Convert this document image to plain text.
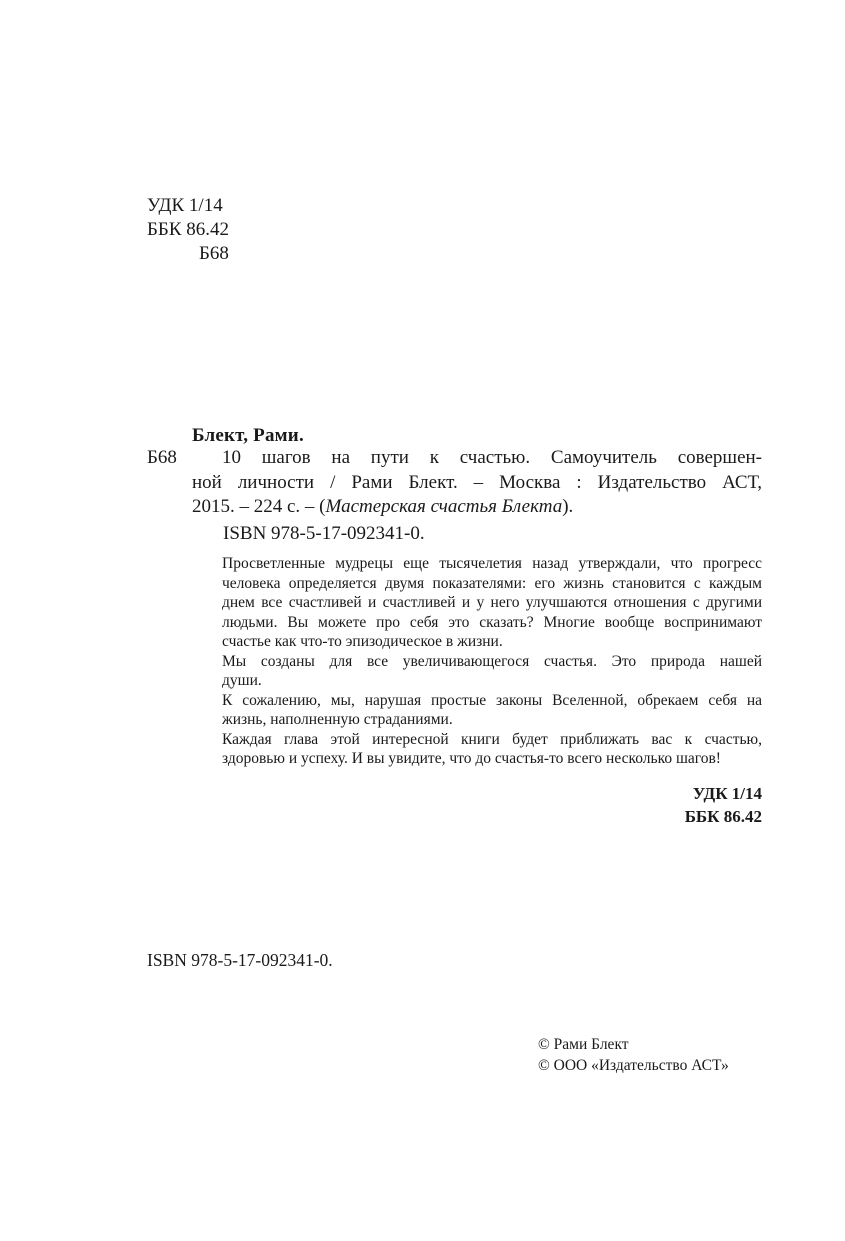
УДК 1/14
ББК 86.42
Б68
Блект, Рами.
Б68	10 шагов на пути к счастью. Самоучитель совершен-
ной личности / Рами Блект. – Москва : Издательство АСТ,
2015. – 224 с. – (Мастерская счастья Блекта).
ISBN 978-5-17-092341-0.

Просветленные мудрецы еще тысячелетия назад утверждали, что прогресс
человека определяется двумя показателями: его жизнь становится с каждым
днем все счастливей и счастливей и у него улучшаются отношения с другими
людьми. Вы можете про себя это сказать? Многие вообще воспринимают
счастье как что-то эпизодическое в жизни.

Мы созданы для все увеличивающегося счастья. Это природа нашей
души.

К сожалению, мы, нарушая простые законы Вселенной, обрекаем себя на
жизнь, наполненную страданиями.

Каждая глава этой интересной книги будет приближать вас к счастью,
здоровью и успеху. И вы увидите, что до счастья-то всего несколько шагов!

УДК 1/14
ББК 86.42
ISBN 978-5-17-092341-0.
© Рами Блект
© ООО «Издательство АСТ»
